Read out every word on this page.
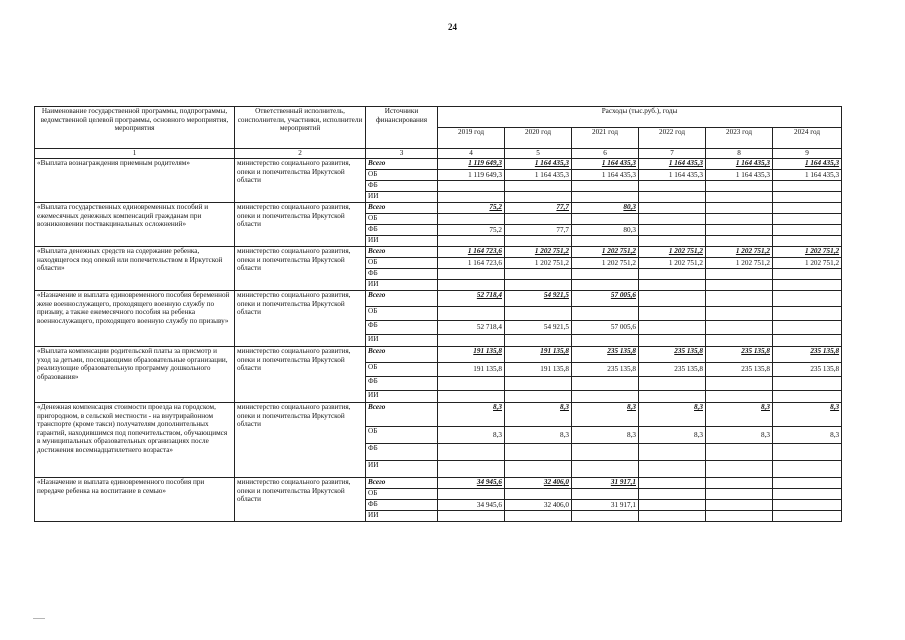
24
Наименование государственной программы, подпрограммы, ведомственной целевой программы, основного мероприятия, мероприятия	Ответственный исполнитель, соисполнители, участники, исполнители мероприятий	Источники финансирования	Расходы (тыс.руб.), годы					
			2019 год	2020 год	2021 год	2022 год	2023 год	2024 год
1	2	3	4	5	6	7	8	9
«Выплата вознаграждения приемным родителям»	министерство социального развития, опеки и попечительства Иркутской области	Всего	1 119 649,3	1 164 435,3	1 164 435,3	1 164 435,3	1 164 435,3	1 164 435,3
		ОБ	1 119 649,3	1 164 435,3	1 164 435,3	1 164 435,3	1 164 435,3	1 164 435,3
		ФБ						
		ИИ						
«Выплата государственных единовременных пособий и ежемесячных денежных компенсаций гражданам при возникновении поствакцинальных осложнений»	министерство социального развития, опеки и попечительства Иркутской области	Всего	75,2	77,7	80,3			
		ОБ						
		ФБ	75,2	77,7	80,3			
		ИИ						
«Выплата денежных средств на содержание ребенка, находящегося под опекой или попечительством в Иркутской области»	министерство социального развития, опеки и попечительства Иркутской области	Всего	1 164 723,6	1 202 751,2	1 202 751,2	1 202 751,2	1 202 751,2	1 202 751,2
		ОБ	1 164 723,6	1 202 751,2	1 202 751,2	1 202 751,2	1 202 751,2	1 202 751,2
		ФБ						
		ИИ						
«Назначение и выплата единовременного пособия беременной жене военнослужащего, проходящего военную службу по призыву, а также ежемесячного пособия на ребенка военнослужащего, проходящего военную службу по призыву»	министерство социального развития, опеки и попечительства Иркутской области	Всего	52 718,4	54 921,5	57 005,6			
		ОБ						
		ФБ	52 718,4	54 921,5	57 005,6			
		ИИ						
«Выплата компенсации родительской платы за присмотр и уход за детьми, посещающими образовательные организации, реализующие образовательную программу дошкольного образования»	министерство социального развития, опеки и попечительства Иркутской области	Всего	191 135,8	191 135,8	235 135,8	235 135,8	235 135,8	235 135,8
		ОБ	191 135,8	191 135,8	235 135,8	235 135,8	235 135,8	235 135,8
		ФБ						
		ИИ						
«Денежная компенсация стоимости проезда на городском, пригородном, в сельской местности - на внутрирайонном транспорте (кроме такси) получателям дополнительных гарантий, находившимся под попечительством, обучающимся в муниципальных образовательных организациях после достижения восемнадцатилетнего возраста»	министерство социального развития, опеки и попечительства Иркутской области	Всего	8,3	8,3	8,3	8,3	8,3	8,3
		ОБ	8,3	8,3	8,3	8,3	8,3	8,3
		ФБ						
		ИИ						
«Назначение и выплата единовременного пособия при передаче ребенка на воспитание в семью»	министерство социального развития, опеки и попечительства Иркутской области	Всего	34 945,6	32 406,0	31 917,1			
		ОБ						
		ФБ	34 945,6	32 406,0	31 917,1			
		ИИ						
